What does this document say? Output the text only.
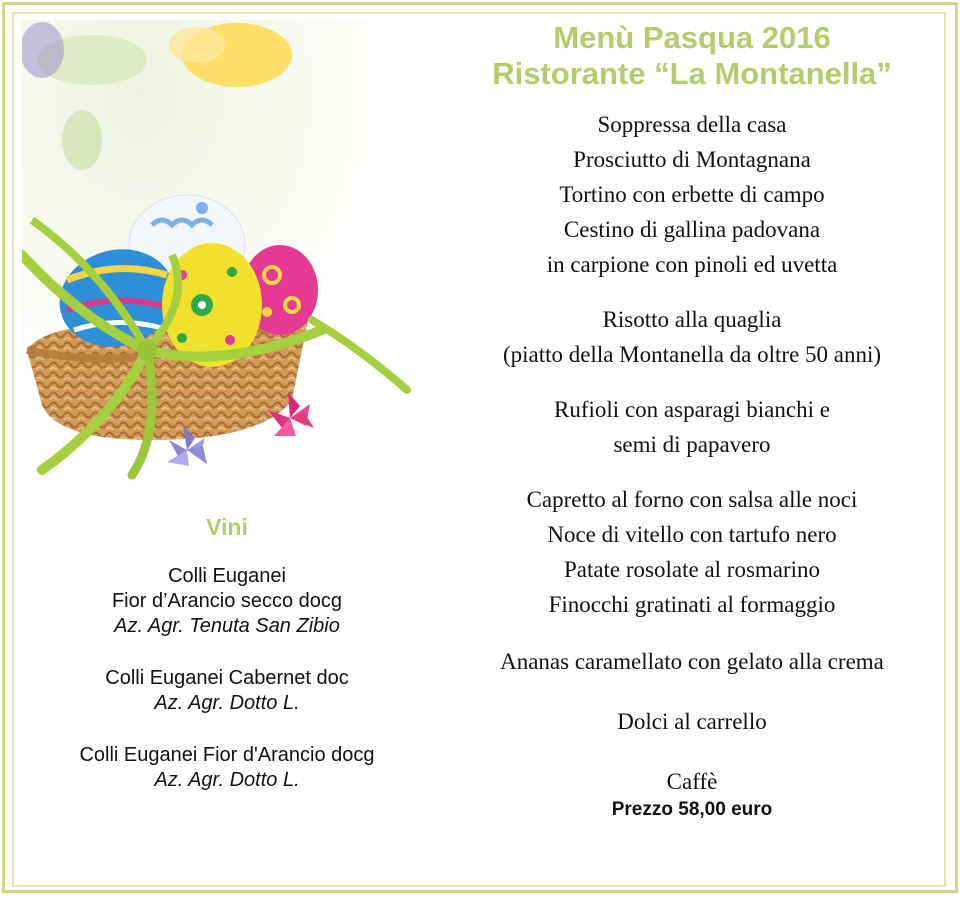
Vini
Colli Euganei
Fior d’Arancio secco docg
Az. Agr. Tenuta San Zibio
Colli Euganei Cabernet doc
Az. Agr. Dotto L.
Colli Euganei Fior d'Arancio docg
Az. Agr. Dotto L.
Menù Pasqua 2016
Ristorante “La Montanella”
Soppressa della casa
Prosciutto di Montagnana
Tortino con erbette di campo
Cestino di gallina padovana
in carpione con pinoli ed uvetta
Risotto alla quaglia
(piatto della Montanella da oltre 50 anni)
Rufioli con asparagi bianchi e
semi di papavero
Capretto al forno con salsa alle noci
Noce di vitello con tartufo nero
Patate rosolate al rosmarino
Finocchi gratinati al formaggio
Ananas caramellato con gelato alla crema
Dolci al carrello
Caffè
Prezzo 58,00 euro
